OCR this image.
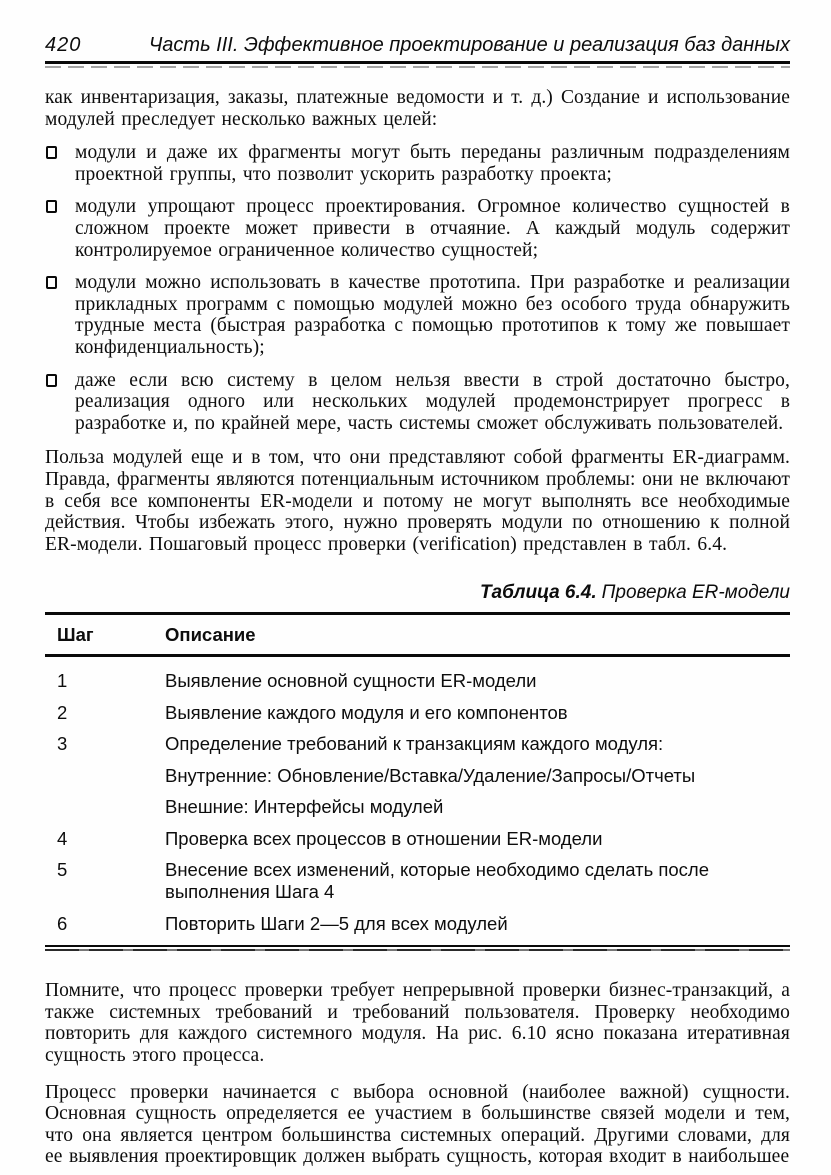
420	Часть III. Эффективное проектирование и реализация баз данных

как инвентаризация, заказы, платежные ведомости и т. д.) Создание и использование модулей преследует несколько важных целей:

модули и даже их фрагменты могут быть переданы различным подразделениям проектной группы, что позволит ускорить разработку проекта;
модули упрощают процесс проектирования. Огромное количество сущностей в сложном проекте может привести в отчаяние. А каждый модуль содержит контролируемое ограниченное количество сущностей;
модули можно использовать в качестве прототипа. При разработке и реализации прикладных программ с помощью модулей можно без особого труда обнаружить трудные места (быстрая разработка с помощью прототипов к тому же повышает конфиденциальность);
даже если всю систему в целом нельзя ввести в строй достаточно быстро, реализация одного или нескольких модулей продемонстрирует прогресс в разработке и, по крайней мере, часть системы сможет обслуживать пользователей.

Польза модулей еще и в том, что они представляют собой фрагменты ER-диаграмм. Правда, фрагменты являются потенциальным источником проблемы: они не включают в себя все компоненты ER-модели и потому не могут выполнять все необходимые действия. Чтобы избежать этого, нужно проверять модули по отношению к полной ER-модели. Пошаговый процесс проверки (verification) представлен в табл. 6.4.

Таблица 6.4. Проверка ER-модели
Шаг	Описание
1	Выявление основной сущности ER-модели
2	Выявление каждого модуля и его компонентов
3	Определение требований к транзакциям каждого модуля:
Внутренние: Обновление/Вставка/Удаление/Запросы/Отчеты
Внешние: Интерфейсы модулей
4	Проверка всех процессов в отношении ER-модели
5	Внесение всех изменений, которые необходимо сделать после выполнения Шага 4
6	Повторить Шаги 2—5 для всех модулей

Помните, что процесс проверки требует непрерывной проверки бизнес-транзакций, а также системных требований и требований пользователя. Проверку необходимо повторить для каждого системного модуля. На рис. 6.10 ясно показана итеративная сущность этого процесса.

Процесс проверки начинается с выбора основной (наиболее важной) сущности. Основная сущность определяется ее участием в большинстве связей модели и тем, что она является центром большинства системных операций. Другими словами, для ее выявления проектировщик должен выбрать сущность, которая входит в наибольшее
